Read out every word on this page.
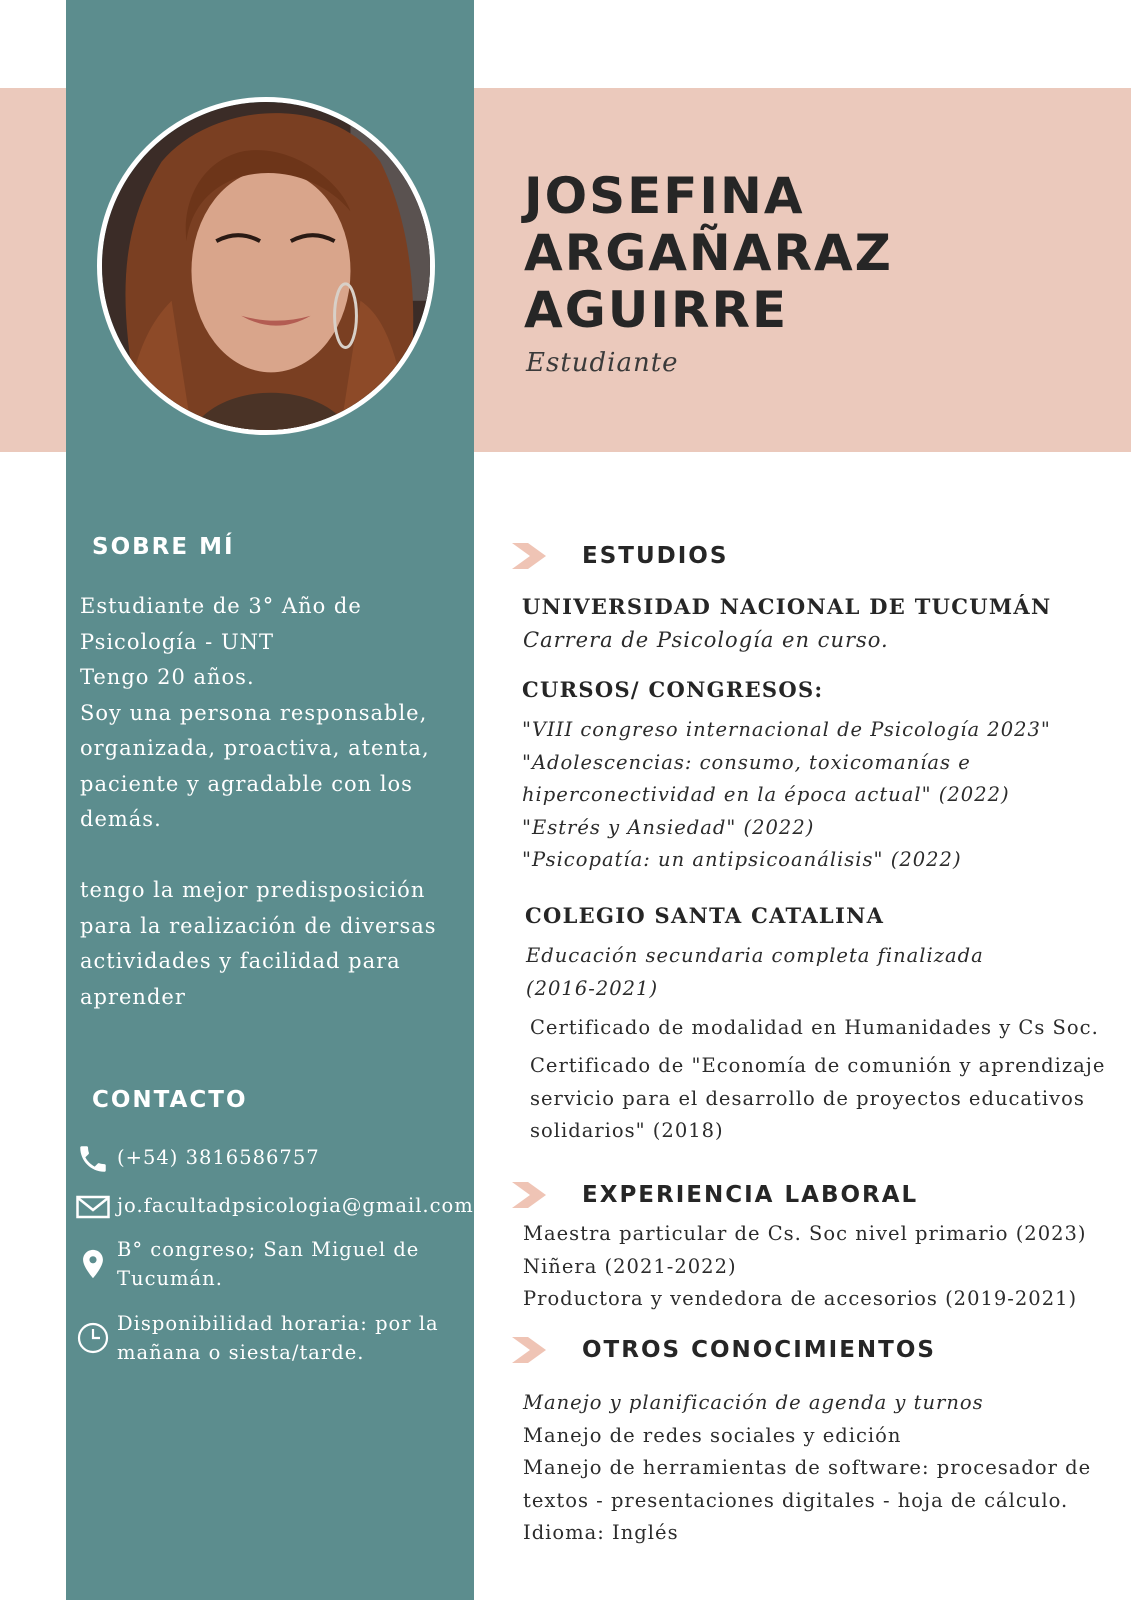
JOSEFINA
ARGAÑARAZ
AGUIRRE
Estudiante
SOBRE MÍ
Estudiante de 3° Año de
Psicología - UNT
Tengo 20 años.
Soy una persona responsable,
organizada, proactiva, atenta,
paciente y agradable con los
demás.
tengo la mejor predisposición
para la realización de diversas
actividades y facilidad para
aprender
CONTACTO
(+54) 3816586757
jo.facultadpsicologia@gmail.com
B° congreso; San Miguel de
Tucumán.
Disponibilidad horaria: por la
mañana o siesta/tarde.
ESTUDIOS
UNIVERSIDAD NACIONAL DE TUCUMÁN
Carrera de Psicología en curso.
CURSOS/ CONGRESOS:
"VIII congreso internacional de Psicología 2023"
"Adolescencias: consumo, toxicomanías e
hiperconectividad en la época actual" (2022)
"Estrés y Ansiedad" (2022)
"Psicopatía: un antipsicoanálisis" (2022)
COLEGIO SANTA CATALINA
Educación secundaria completa finalizada
(2016-2021)
Certificado de modalidad en Humanidades y Cs Soc.
Certificado de "Economía de comunión y aprendizaje
servicio para el desarrollo de proyectos educativos
solidarios" (2018)
EXPERIENCIA LABORAL
Maestra particular de Cs. Soc nivel primario (2023)
Niñera (2021-2022)
Productora y vendedora de accesorios (2019-2021)
OTROS CONOCIMIENTOS
Manejo y planificación de agenda y turnos
Manejo de redes sociales y edición
Manejo de herramientas de software: procesador de
textos - presentaciones digitales - hoja de cálculo.
Idioma: Inglés
